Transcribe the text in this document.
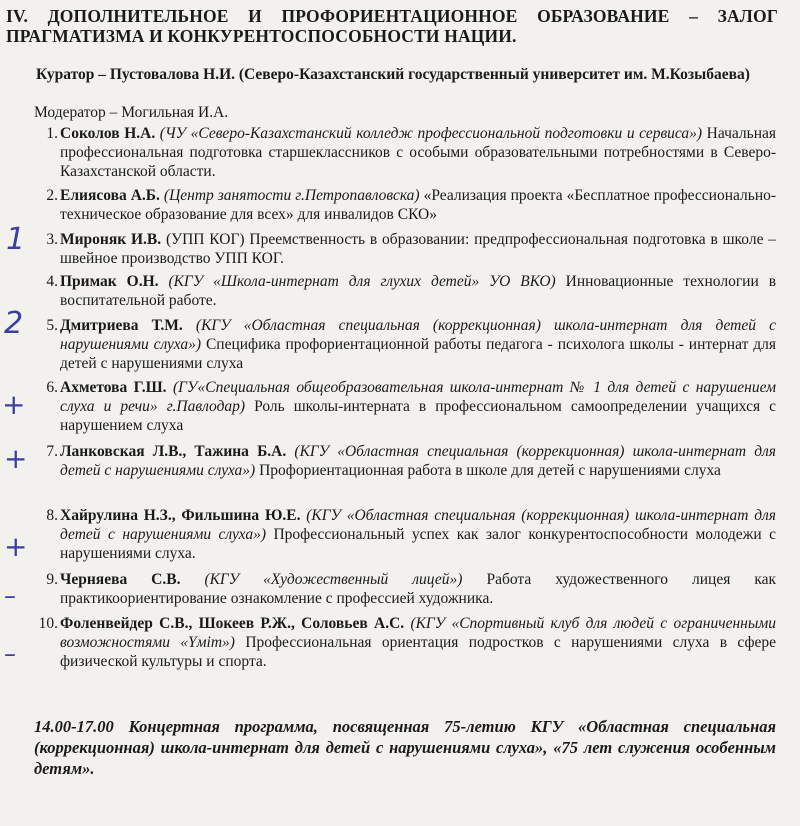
IV. ДОПОЛНИТЕЛЬНОЕ И ПРОФОРИЕНТАЦИОННОЕ ОБРАЗОВАНИЕ – ЗАЛОГ ПРАГМАТИЗМА И КОНКУРЕНТОСПОСОБНОСТИ НАЦИИ.
Куратор – Пустовалова Н.И. (Северо-Казахстанский государственный университет им. М.Козыбаева)
Модератор – Могильная И.А.
1. Соколов Н.А. (ЧУ «Северо-Казахстанский колледж профессиональной подготовки и сервиса») Начальная профессиональная подготовка старшеклассников с особыми образовательными потребностями в Северо-Казахстанской области.
2. Елиясова А.Б. (Центр занятости г.Петропавловска) «Реализация проекта «Бесплатное профессионально-техническое образование для всех» для инвалидов СКО»
3. Мироняк И.В. (УПП КОГ) Преемственность в образовании: предпрофессиональная подготовка в школе – швейное производство УПП КОГ.
4. Примак О.Н. (КГУ «Школа-интернат для глухих детей» УО ВКО) Инновационные технологии в воспитательной работе.
5. Дмитриева Т.М. (КГУ «Областная специальная (коррекционная) школа-интернат для детей с нарушениями слуха») Специфика профориентационной работы педагога - психолога школы - интернат для детей с нарушениями слуха
6. Ахметова Г.Ш. (ГУ«Специальная общеобразовательная школа-интернат № 1 для детей с нарушением слуха и речи» г.Павлодар) Роль школы-интерната в профессиональном самоопределении учащихся с нарушением слуха
7. Ланковская Л.В., Тажина Б.А. (КГУ «Областная специальная (коррекционная) школа-интернат для детей с нарушениями слуха») Профориентационная работа в школе для детей с нарушениями слуха
8. Хайрулина Н.З., Фильшина Ю.Е. (КГУ «Областная специальная (коррекционная) школа-интернат для детей с нарушениями слуха») Профессиональный успех как залог конкурентоспособности молодежи с нарушениями слуха.
9. Черняева С.В. (КГУ «Художественный лицей») Работа художественного лицея как практикоориентирование ознакомление с профессией художника.
10. Фоленвейдер С.В., Шокеев Р.Ж., Соловьев А.С. (КГУ «Спортивный клуб для людей с ограниченными возможностями «Үміт») Профессиональная ориентация подростков с нарушениями слуха в сфере физической культуры и спорта.
14.00-17.00 Концертная программа, посвященная 75-летию КГУ «Областная специальная (коррекционная) школа-интернат для детей с нарушениями слуха», «75 лет служения особенным детям».
1
2
+
+
+
–
–
